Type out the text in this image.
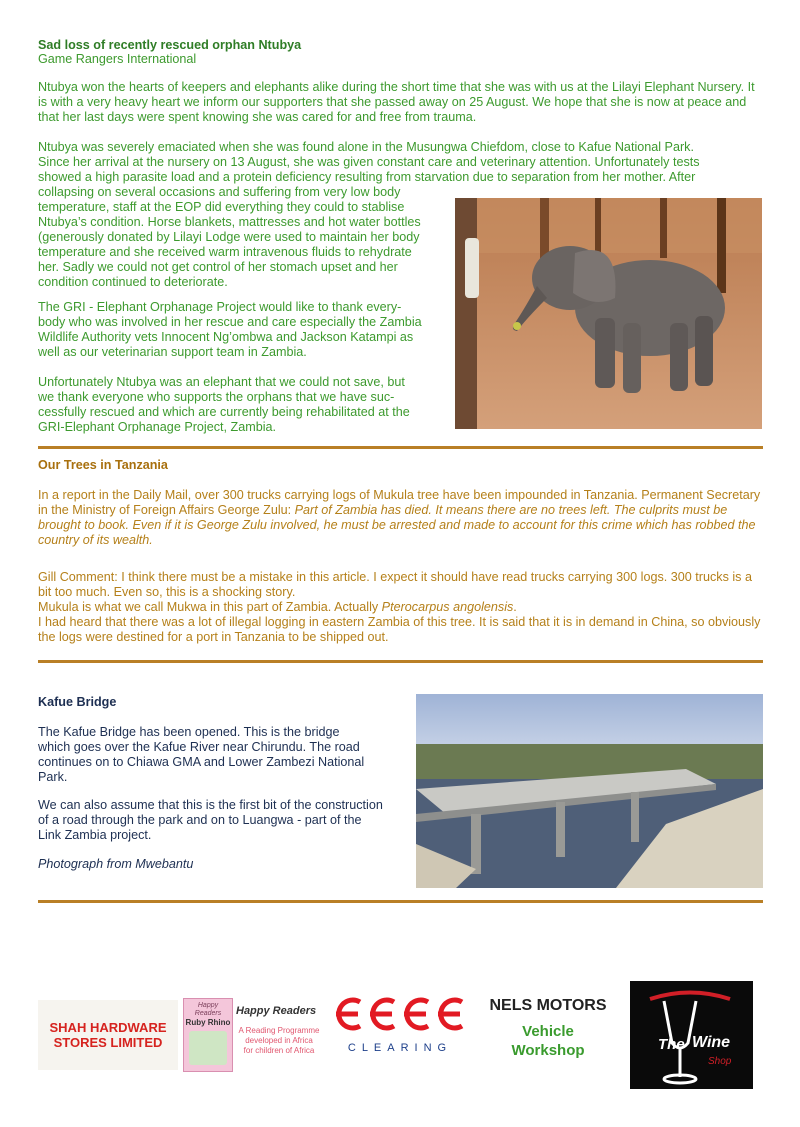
Sad loss of recently rescued orphan Ntubya
Game Rangers International
Ntubya won the hearts of keepers and elephants alike during the short time that she was with us at the Lilayi Elephant Nursery. It is with a very heavy heart we inform our supporters that she passed away on 25 August. We hope that she is now at peace and that her last days were spent knowing she was cared for and free from trauma.
Ntubya was severely emaciated when she was found alone in the Musungwa Chiefdom, close to Kafue National Park.
Since her arrival at the nursery on 13 August, she was given constant care and veterinary attention. Unfortunately tests
showed a high parasite load and a protein deficiency resulting from starvation due to separation from her mother. After
collapsing on several occasions and suffering from very low body
temperature, staff at the EOP did everything they could to stablise
Ntubya’s condition. Horse blankets, mattresses and hot water bottles
(generously donated by Lilayi Lodge were used to maintain her body
temperature and she received warm intravenous fluids to rehydrate
her. Sadly we could not get control of her stomach upset and her
condition continued to deteriorate.
The GRI - Elephant Orphanage Project would like to thank every-
body who was involved in her rescue and care especially the Zambia
Wildlife Authority vets Innocent Ng’ombwa and Jackson Katampi as
well as our veterinarian support team in Zambia.
Unfortunately Ntubya was an elephant that we could not save, but
we thank everyone who supports the orphans that we have suc-
cessfully rescued and which are currently being rehabilitated at the
GRI-Elephant Orphanage Project, Zambia.
Our Trees in Tanzania

In a report in the Daily Mail, over 300 trucks carrying logs of Mukula tree have been impounded in Tanzania. Permanent Secretary in the Ministry of Foreign Affairs George Zulu: Part of Zambia has died. It means there are no trees left. The culprits must be brought to book. Even if it is George Zulu involved, he must be arrested and made to account for this crime which has robbed the country of its wealth.

Gill Comment: I think there must be a mistake in this article. I expect it should have read trucks carrying 300 logs. 300 trucks is a bit too much. Even so, this is a shocking story.

Mukula is what we call Mukwa in this part of Zambia. Actually Pterocarpus angolensis.

I had heard that there was a lot of illegal logging in eastern Zambia of this tree. It is said that it is in demand in China, so obviously the logs were destined for a port in Tanzania to be shipped out.

Kafue Bridge
The Kafue Bridge has been opened. This is the bridge
which goes over the Kafue River near Chirundu. The road
continues on to Chiawa GMA and Lower Zambezi National
Park.
We can also assume that this is the first bit of the construction
of a road through the park and on to Luangwa - part of the
Link Zambia project.
Photograph from Mwebantu
SHAH HARDWARE
STORES LIMITED
Happy Readers
Ruby Rhino
Happy Readers
A Reading Programme
developed in Africa
for children of Africa	CLEARING
NELS MOTORS
Vehicle
Workshop	The Wine
Shop
